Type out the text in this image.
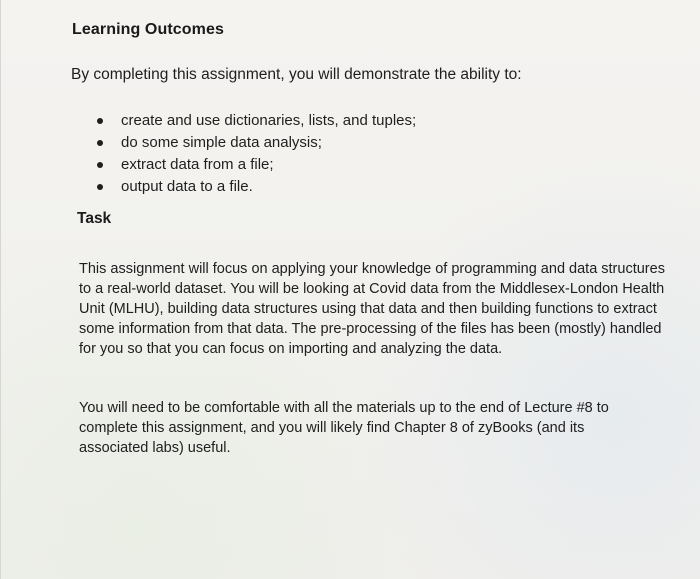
Learning Outcomes
By completing this assignment, you will demonstrate the ability to:
create and use dictionaries, lists, and tuples;
do some simple data analysis;
extract data from a file;
output data to a file.
Task

This assignment will focus on applying your knowledge of programming and data structures to a real-world dataset. You will be looking at Covid data from the Middlesex-London Health Unit (MLHU), building data structures using that data and then building functions to extract some information from that data. The pre-processing of the files has been (mostly) handled for you so that you can focus on importing and analyzing the data.

You will need to be comfortable with all the materials up to the end of Lecture #8 to complete this assignment, and you will likely find Chapter 8 of zyBooks (and its associated labs) useful.
